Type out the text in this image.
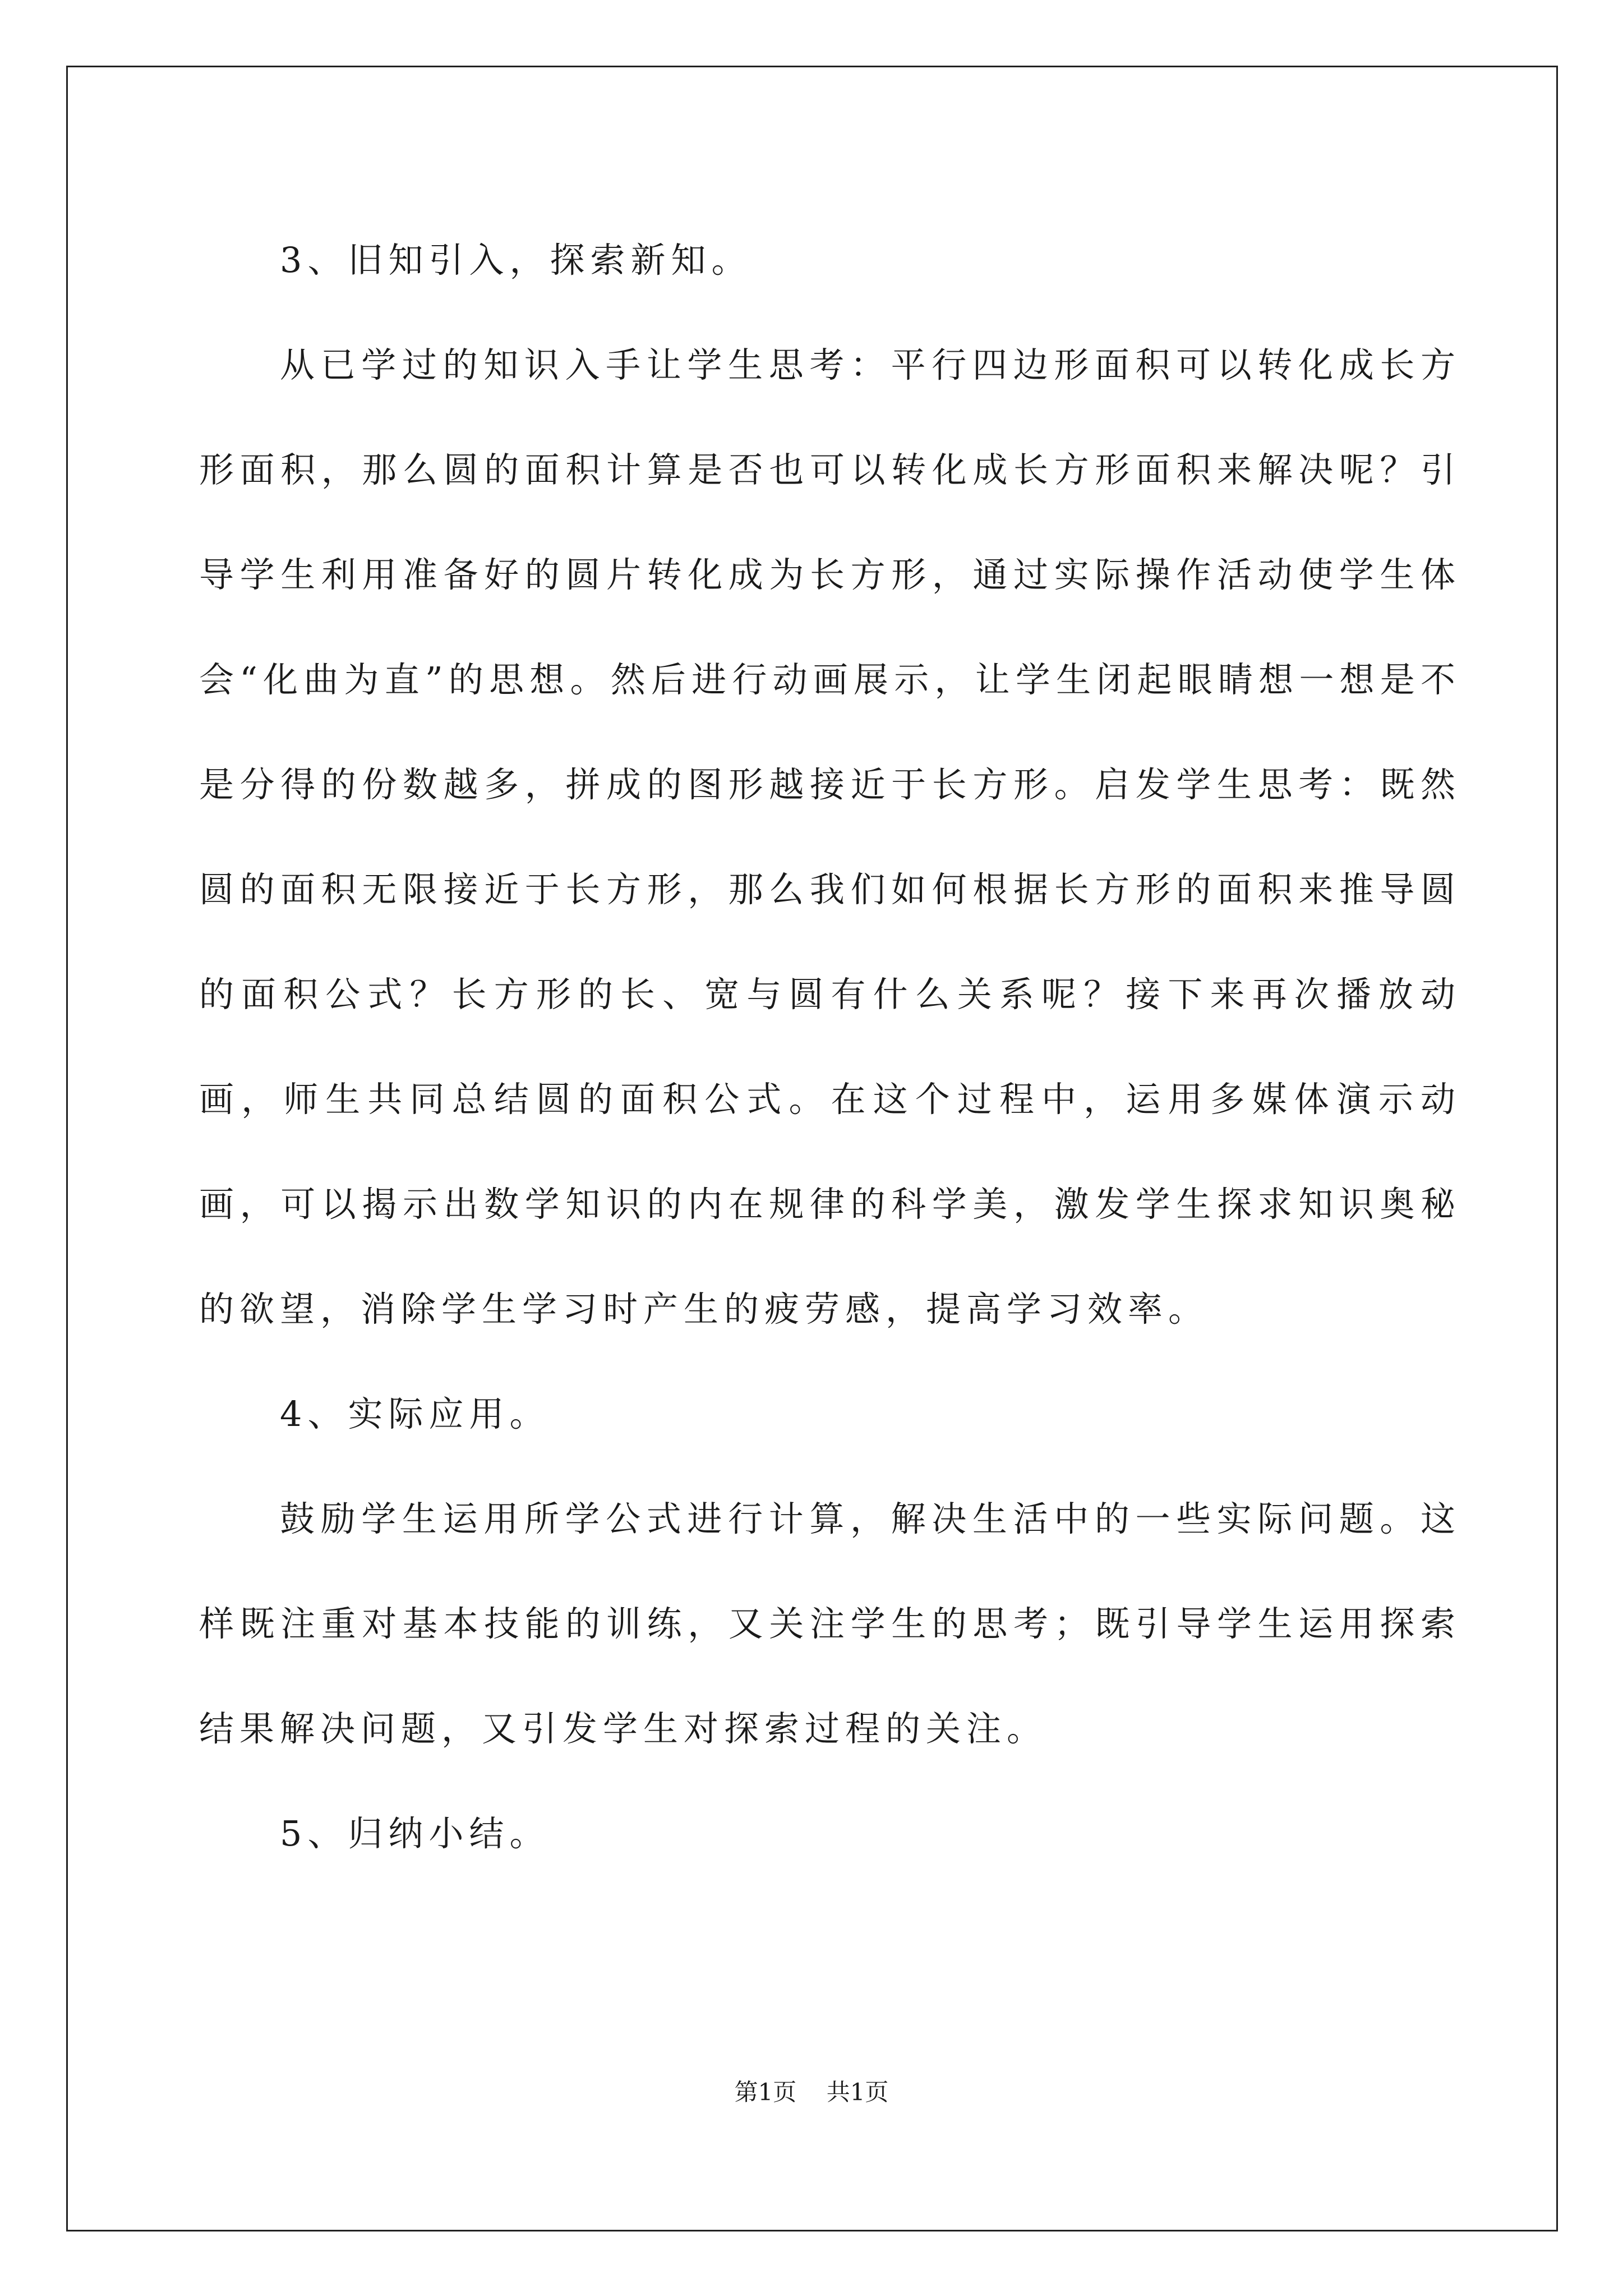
3、旧知引入，探索新知。

从已学过的知识入手让学生思考：平行四边形面积可以转化成长方形面积，那么圆的面积计算是否也可以转化成长方形面积来解决呢？引导学生利用准备好的圆片转化成为长方形，通过实际操作活动使学生体会“化曲为直”的思想。然后进行动画展示，让学生闭起眼睛想一想是不是分得的份数越多，拼成的图形越接近于长方形。启发学生思考：既然圆的面积无限接近于长方形，那么我们如何根据长方形的面积来推导圆的面积公式？长方形的长、宽与圆有什么关系呢？接下来再次播放动画，师生共同总结圆的面积公式。在这个过程中，运用多媒体演示动画，可以揭示出数学知识的内在规律的科学美，激发学生探求知识奥秘的欲望，消除学生学习时产生的疲劳感，提高学习效率。

4、实际应用。

鼓励学生运用所学公式进行计算，解决生活中的一些实际问题。这样既注重对基本技能的训练，又关注学生的思考；既引导学生运用探索结果解决问题，又引发学生对探索过程的关注。

5、归纳小结。

第1页 共1页
